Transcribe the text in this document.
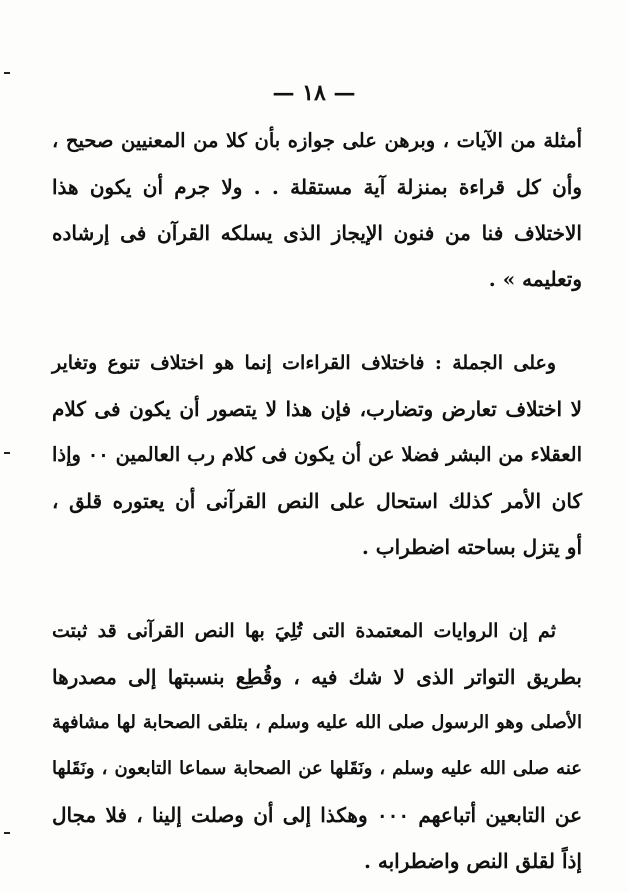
— ١٨ —
أمثلة من الآيات ، وبرهن على جوازه بأن كلا من المعنيين صحيح ،
وأن كل قراءة بمنزلة آية مستقلة . . ولا جرم أن يكون هذا
الاختلاف فنا من فنون الإيجاز الذى يسلكه القرآن فى إرشاده
وتعليمه » .
وعلى الجملة : فاختلاف القراءات إنما هو اختلاف تنوع وتغاير
لا اختلاف تعارض وتضارب، فإن هذا لا يتصور أن يكون فى كلام
العقلاء من البشر فضلا عن أن يكون فى كلام رب العالمين ٠٠ وإذا
كان الأمر كذلك استحال على النص القرآنى أن يعتوره قلق ،
أو يتزل بساحته اضطراب .
ثم إن الروايات المعتمدة التى تُلِيَ بها النص القرآنى قد ثبتت
بطريق التواتر الذى لا شك فيه ، وقُطِع بنسبتها إلى مصدرها
الأصلى وهو الرسول صلى الله عليه وسلم ، بتلقى الصحابة لها مشافهة
عنه صلى الله عليه وسلم ، ونَقَلها عن الصحابة سماعا التابعون ، ونَقَلها
عن التابعين أتباعهم ٠٠٠ وهكذا إلى أن وصلت إلينا ، فلا مجال
إذاً لقلق النص واضطرابه .
